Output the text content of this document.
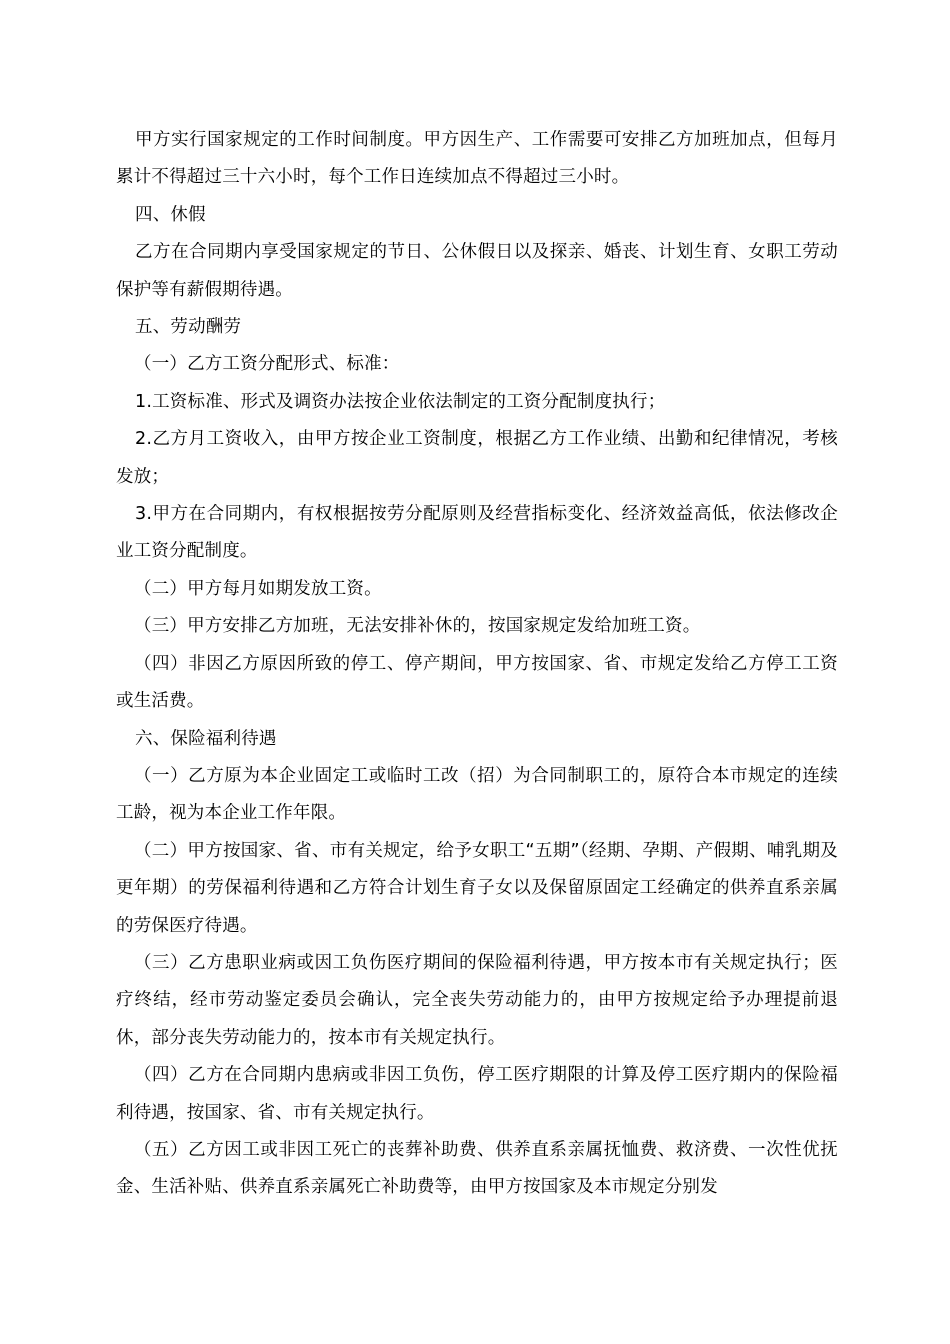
甲方实行国家规定的工作时间制度。甲方因生产、工作需要可安排乙方加班加点，但每月累计不得超过三十六小时，每个工作日连续加点不得超过三小时。

四、休假

乙方在合同期内享受国家规定的节日、公休假日以及探亲、婚丧、计划生育、女职工劳动保护等有薪假期待遇。

五、劳动酬劳

（一）乙方工资分配形式、标准：

1.工资标准、形式及调资办法按企业依法制定的工资分配制度执行；

2.乙方月工资收入，由甲方按企业工资制度，根据乙方工作业绩、出勤和纪律情况，考核发放；

3.甲方在合同期内，有权根据按劳分配原则及经营指标变化、经济效益高低，依法修改企业工资分配制度。

（二）甲方每月如期发放工资。

（三）甲方安排乙方加班，无法安排补休的，按国家规定发给加班工资。

（四）非因乙方原因所致的停工、停产期间，甲方按国家、省、市规定发给乙方停工工资或生活费。

六、保险福利待遇

（一）乙方原为本企业固定工或临时工改（招）为合同制职工的，原符合本市规定的连续工龄，视为本企业工作年限。

（二）甲方按国家、省、市有关规定，给予女职工“五期”（经期、孕期、产假期、哺乳期及更年期）的劳保福利待遇和乙方符合计划生育子女以及保留原固定工经确定的供养直系亲属的劳保医疗待遇。

（三）乙方患职业病或因工负伤医疗期间的保险福利待遇，甲方按本市有关规定执行；医疗终结，经市劳动鉴定委员会确认，完全丧失劳动能力的，由甲方按规定给予办理提前退休，部分丧失劳动能力的，按本市有关规定执行。

（四）乙方在合同期内患病或非因工负伤，停工医疗期限的计算及停工医疗期内的保险福利待遇，按国家、省、市有关规定执行。

（五）乙方因工或非因工死亡的丧葬补助费、供养直系亲属抚恤费、救济费、一次性优抚金、生活补贴、供养直系亲属死亡补助费等，由甲方按国家及本市规定分别发
